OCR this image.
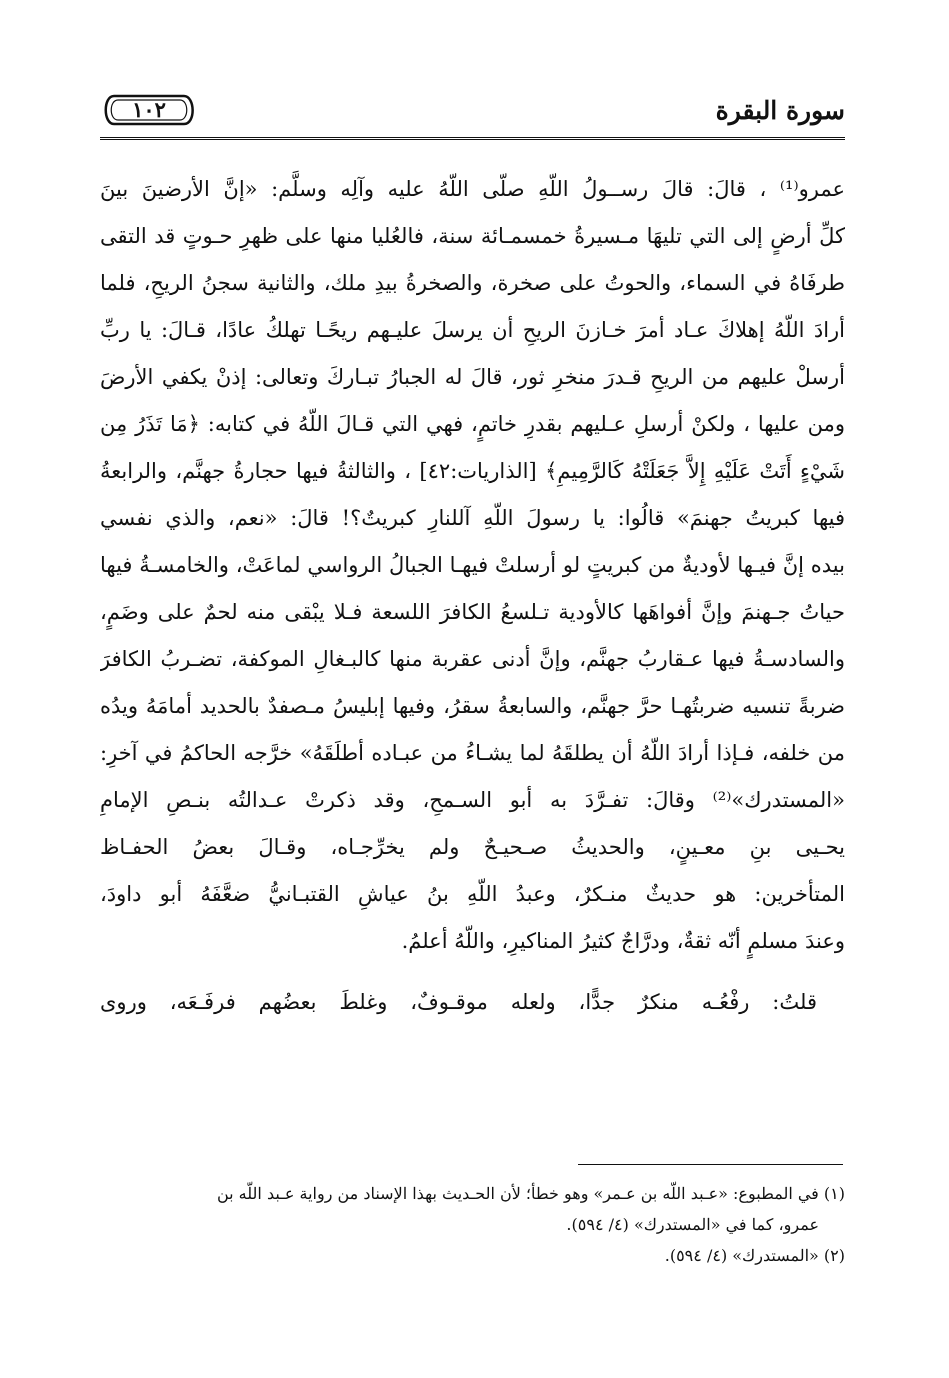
سورة البقرة
١٠٢
عمرو⁽¹⁾ ، قالَ: قالَ رســولُ اللّهِ صلّى اللّهُ عليه وآلِه وسلَّم: «إنَّ الأرضينَ بينَ
كلِّ أرضٍ إلى التي تليهَا مـسيرةُ خمسمـائة سنة، فالعُليا منها على ظهرِ حـوتٍ قد التقى
طرفَاهُ في السماء، والحوتُ على صخرة، والصخرةُ بيدِ ملك، والثانية سجنُ الريحِ، فلما
أرادَ اللّهُ إهلاكَ عـاد أمرَ خـازنَ الريحِ أن يرسلَ عليـهم ريحًـا تهلكُ عادًا، قـالَ: يا ربِّ
أرسلْ عليهم من الريحِ قـدرَ منخرِ ثور، قالَ له الجبارُ تبـاركَ وتعالى: إذنْ يكفي الأرضَ
ومن عليها ، ولكنْ أرسلِ عـليهم بقدرِ خاتمٍ، فهي التي قـالَ اللّهُ في كتابه: ﴿مَا تَذَرُ مِن
شَيْءٍ أَتَتْ عَلَيْهِ إِلاَّ جَعَلَتْهُ كَالرَّمِيمِ﴾ [الذاريات:٤٢] ، والثالثةُ فيها حجارةُ جهنَّم، والرابعةُ
فيها كبريتُ جهنمَ» قالُوا: يا رسولَ اللّهِ آللنارِ كبريتٌ؟! قالَ: «نعم، والذي نفسي
بيده إنَّ فيـها لأوديةٌ من كبريتٍ لو أرسلتْ فيهـا الجبالُ الرواسي لماعَتْ، والخامسـةُ فيها
حياتُ جـهنمَ وإنَّ أفواهَها كالأودية تـلسعُ الكافرَ اللسعة فـلا يبْقى منه لحمٌ على وضَمٍ،
والسادسـةُ فيها عـقاربُ جهنَّم، وإنَّ أدنى عقربة منها كالبـغالِ الموكفة، تضـربُ الكافرَ
ضربةً تنسيه ضربتُهـا حرَّ جهنَّم، والسابعةُ سقرُ، وفيها إبليسُ مـصفدٌ بالحديد أمامَهُ ويدُه
من خلفه، فـإذا أرادَ اللّهُ أن يطلقَهُ لما يشـاءُ من عبـاده أطلَقَهُ» خرَّجه الحاكمُ في آخرِ:
«المستدرك»⁽²⁾ وقالَ: تفـرَّدَ به أبو السـمحِ، وقد ذكرتْ عـدالتُه بنـصِ الإمامِ
يحـيى بنِ معـينٍ، والحديثُ صـحيـحٌ ولم يخرِّجـاه، وقـالَ بعضُ الحفـاظ
المتأخرين: هو حديثٌ منـكرٌ، وعبدُ اللّهِ بنُ عياشِ القتبـانيُّ ضعَّفَهُ أبو داودَ،
وعندَ مسلمٍ أنّه ثقةٌ، ودرَّاجٌ كثيرُ المناكيرِ، واللّهُ أعلمُ.
قلتُ: رفْعُـه منكرٌ جدًّا، ولعله موقـوفٌ، وغلطَ بعضُهم فرفَـعَه، وروى
(١) في المطبوع: «عـبد اللّه بن عـمر» وهو خطأ؛ لأن الحـديث بهذا الإسناد من رواية عـبد اللّه بن
عمرو، كما في «المستدرك» (٤/ ٥٩٤).
(٢) «المستدرك» (٤/ ٥٩٤).
